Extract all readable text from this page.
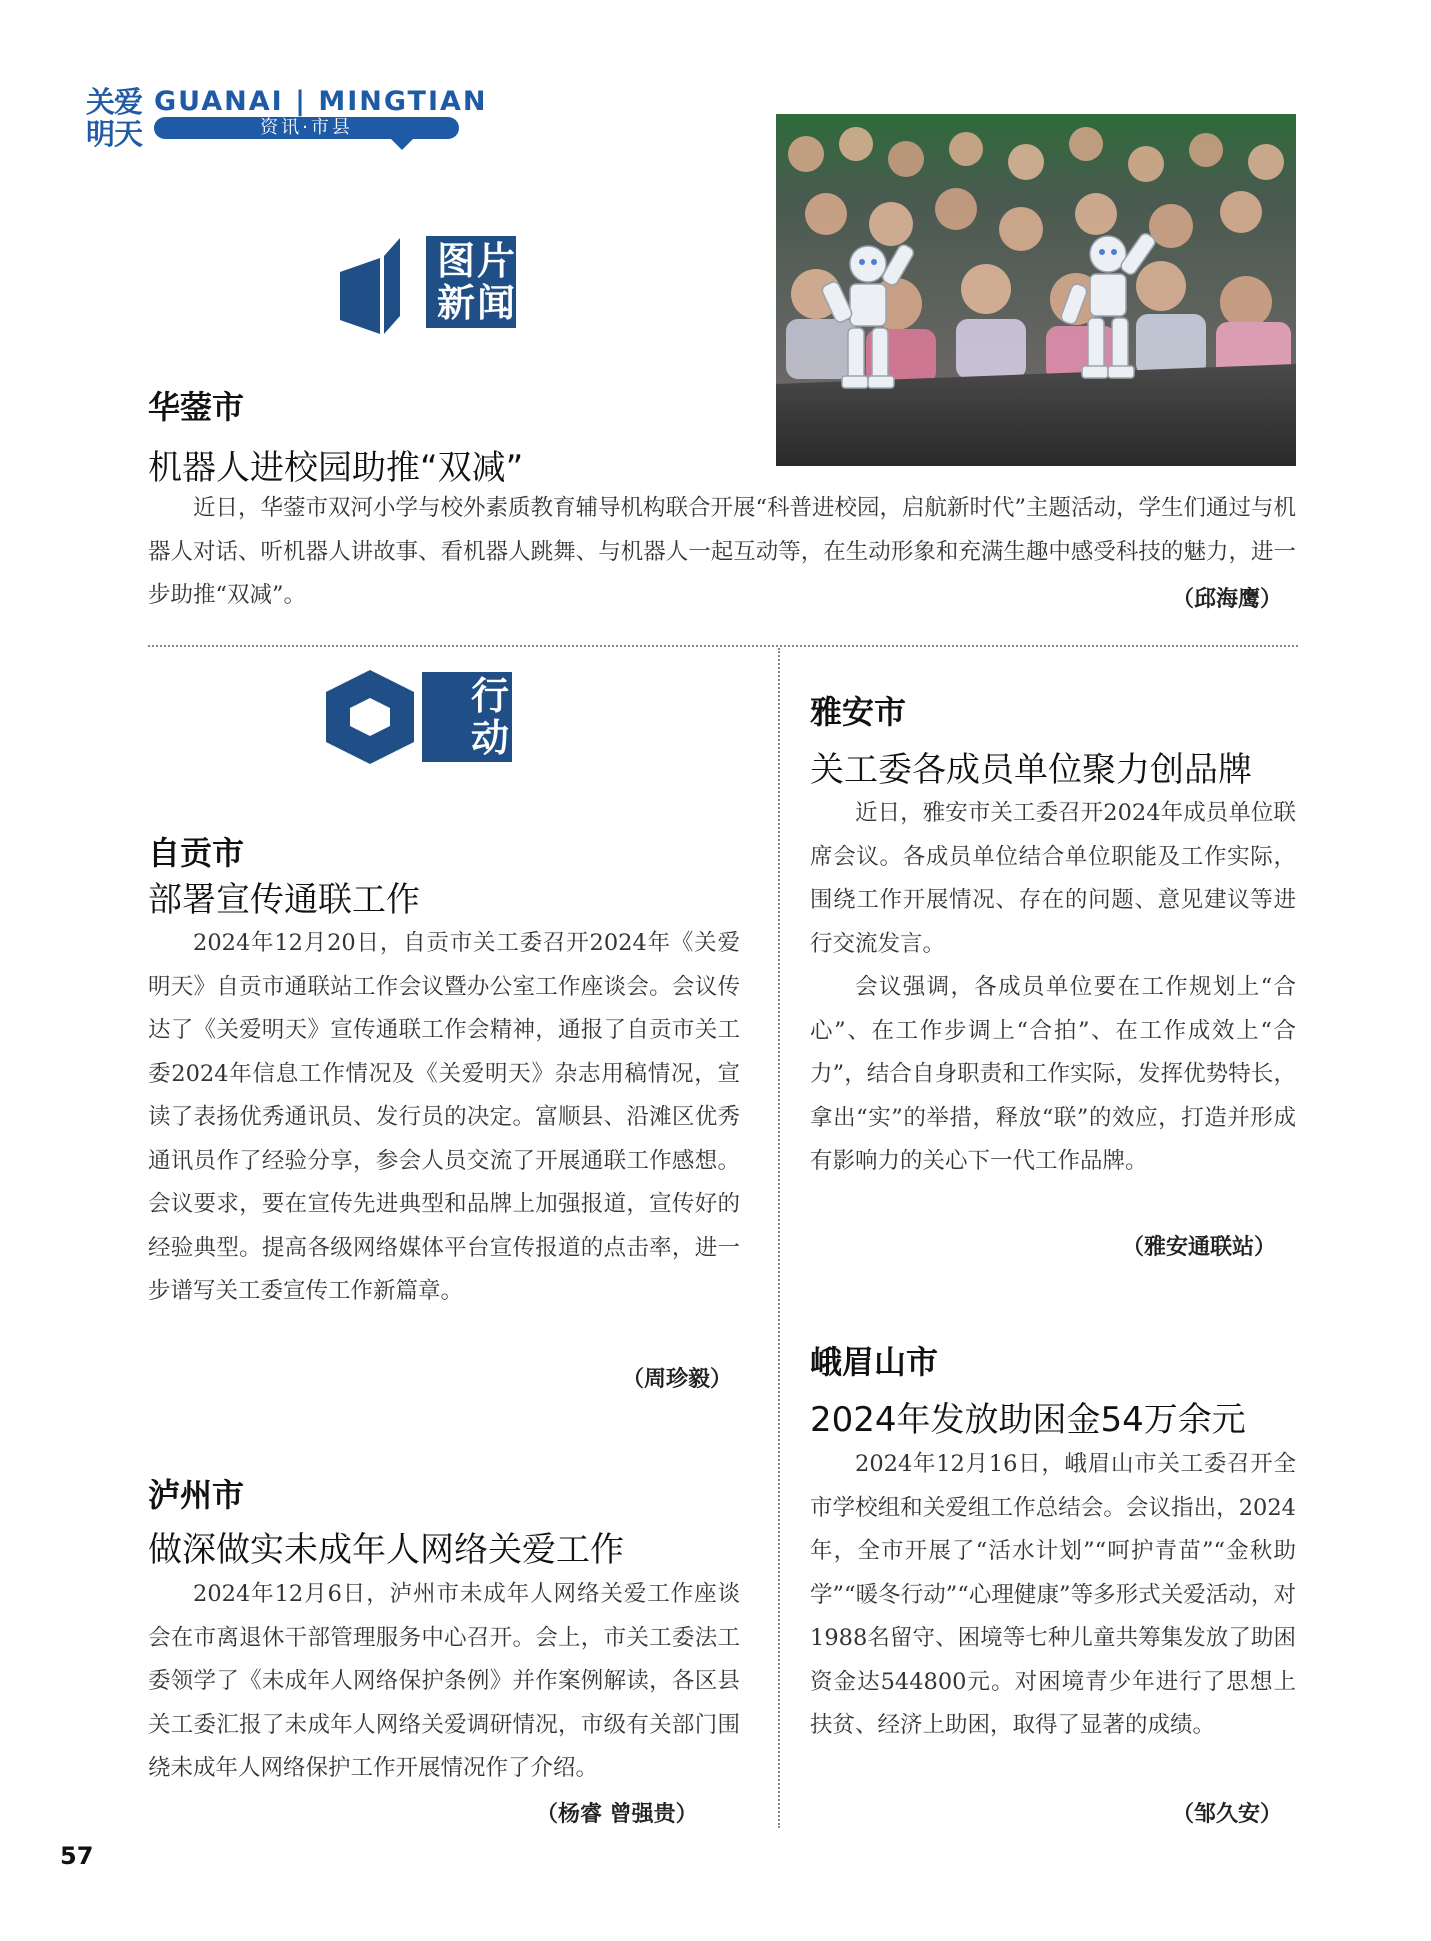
关爱明天
GUANAI | MINGTIAN
资讯·市县
图片新闻
华蓥市
机器人进校园助推“双减”
近日，华蓥市双河小学与校外素质教育辅导机构联合开展“科普进校园，启航新时代”主题活动，学生们通过与机器人对话、听机器人讲故事、看机器人跳舞、与机器人一起互动等，在生动形象和充满生趣中感受科技的魅力，进一步助推“双减”。	（邱海鹰）
行动
自贡市
部署宣传通联工作
2024年12月20日，自贡市关工委召开2024年《关爱明天》自贡市通联站工作会议暨办公室工作座谈会。会议传达了《关爱明天》宣传通联工作会精神，通报了自贡市关工委2024年信息工作情况及《关爱明天》杂志用稿情况，宣读了表扬优秀通讯员、发行员的决定。富顺县、沿滩区优秀通讯员作了经验分享，参会人员交流了开展通联工作感想。会议要求，要在宣传先进典型和品牌上加强报道，宣传好的经验典型。提高各级网络媒体平台宣传报道的点击率，进一步谱写关工委宣传工作新篇章。
（周珍毅）
泸州市
做深做实未成年人网络关爱工作
2024年12月6日，泸州市未成年人网络关爱工作座谈会在市离退休干部管理服务中心召开。会上，市关工委法工委领学了《未成年人网络保护条例》并作案例解读，各区县关工委汇报了未成年人网络关爱调研情况，市级有关部门围绕未成年人网络保护工作开展情况作了介绍。
（杨睿 曾强贵）
雅安市
关工委各成员单位聚力创品牌
近日，雅安市关工委召开2024年成员单位联席会议。各成员单位结合单位职能及工作实际，围绕工作开展情况、存在的问题、意见建议等进行交流发言。
会议强调，各成员单位要在工作规划上“合心”、在工作步调上“合拍”、在工作成效上“合力”，结合自身职责和工作实际，发挥优势特长，拿出“实”的举措，释放“联”的效应，打造并形成有影响力的关心下一代工作品牌。
（雅安通联站）
峨眉山市
2024年发放助困金54万余元
2024年12月16日，峨眉山市关工委召开全市学校组和关爱组工作总结会。会议指出，2024年，全市开展了“活水计划”“呵护青苗”“金秋助学”“暖冬行动”“心理健康”等多形式关爱活动，对1988名留守、困境等七种儿童共筹集发放了助困资金达544800元。对困境青少年进行了思想上扶贫、经济上助困，取得了显著的成绩。
（邹久安）
57
